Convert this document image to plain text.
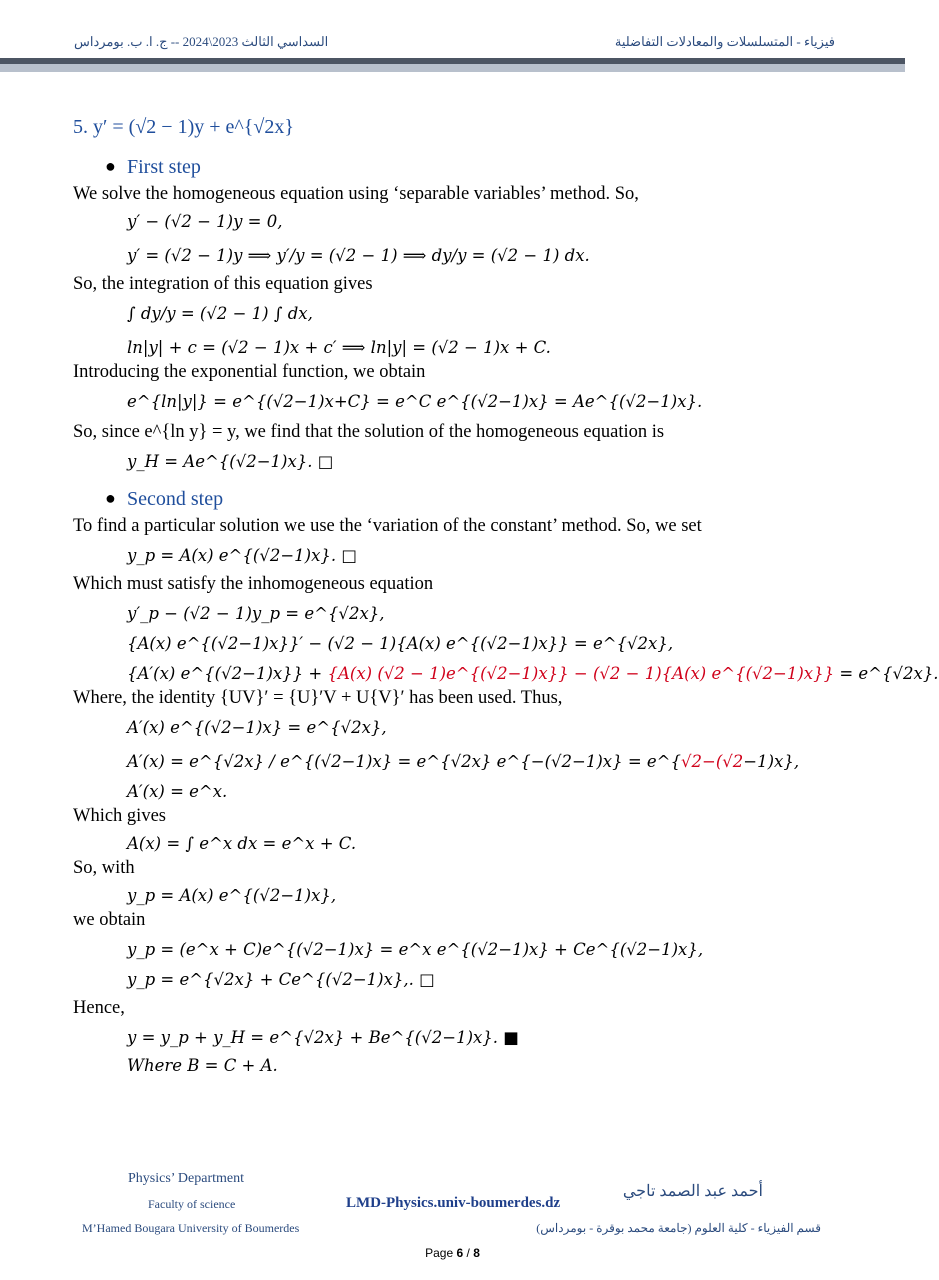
السداسي الثالث 2023\2024 -- ج. ا. ب. بومرداس	فيزياء - المتسلسلات والمعادلات التفاضلية
5. y′ = (√2 − 1)y + e^{√2x}
● First step
We solve the homogeneous equation using ‘separable variables’ method. So,
y′ − (√2 − 1)y = 0,
y′ = (√2 − 1)y ⟹ y′/y = (√2 − 1) ⟹ dy/y = (√2 − 1) dx.
So, the integration of this equation gives
∫ dy/y = (√2 − 1) ∫ dx,
ln|y| + c = (√2 − 1)x + c′ ⟹ ln|y| = (√2 − 1)x + C.
Introducing the exponential function, we obtain
e^{ln|y|} = e^{(√2−1)x+C} = e^C e^{(√2−1)x} = Ae^{(√2−1)x}.
So, since e^{ln y} = y, we find that the solution of the homogeneous equation is
y_H = Ae^{(√2−1)x}. □
● Second step
To find a particular solution we use the ‘variation of the constant’ method. So, we set
y_p = A(x) e^{(√2−1)x}. □
Which must satisfy the inhomogeneous equation
y′_p − (√2 − 1)y_p = e^{√2x},
{A(x) e^{(√2−1)x}}′ − (√2 − 1){A(x) e^{(√2−1)x}} = e^{√2x},
{A′(x) e^{(√2−1)x}} + {A(x) (√2 − 1)e^{(√2−1)x}} − (√2 − 1){A(x) e^{(√2−1)x}} = e^{√2x}.
Where, the identity {UV}′ = {U}′V + U{V}′ has been used. Thus,
A′(x) e^{(√2−1)x} = e^{√2x},
A′(x) = e^{√2x} / e^{(√2−1)x} = e^{√2x} e^{−(√2−1)x} = e^{√2−(√2−1)x},
A′(x) = e^x.
Which gives
A(x) = ∫ e^x dx = e^x + C.
So, with
y_p = A(x) e^{(√2−1)x},
we obtain
y_p = (e^x + C)e^{(√2−1)x} = e^x e^{(√2−1)x} + Ce^{(√2−1)x},
y_p = e^{√2x} + Ce^{(√2−1)x},. □
Hence,
y = y_p + y_H = e^{√2x} + Be^{(√2−1)x}. ■
Where B = C + A.
Physics’ Department
Faculty of science
M’Hamed Bougara University of Boumerdes
LMD-Physics.univ-boumerdes.dz
أحمد عبد الصمد تاجي
قسم الفيزياء - كلية العلوم (جامعة محمد بوقرة - بومرداس)
Page 6 / 8
